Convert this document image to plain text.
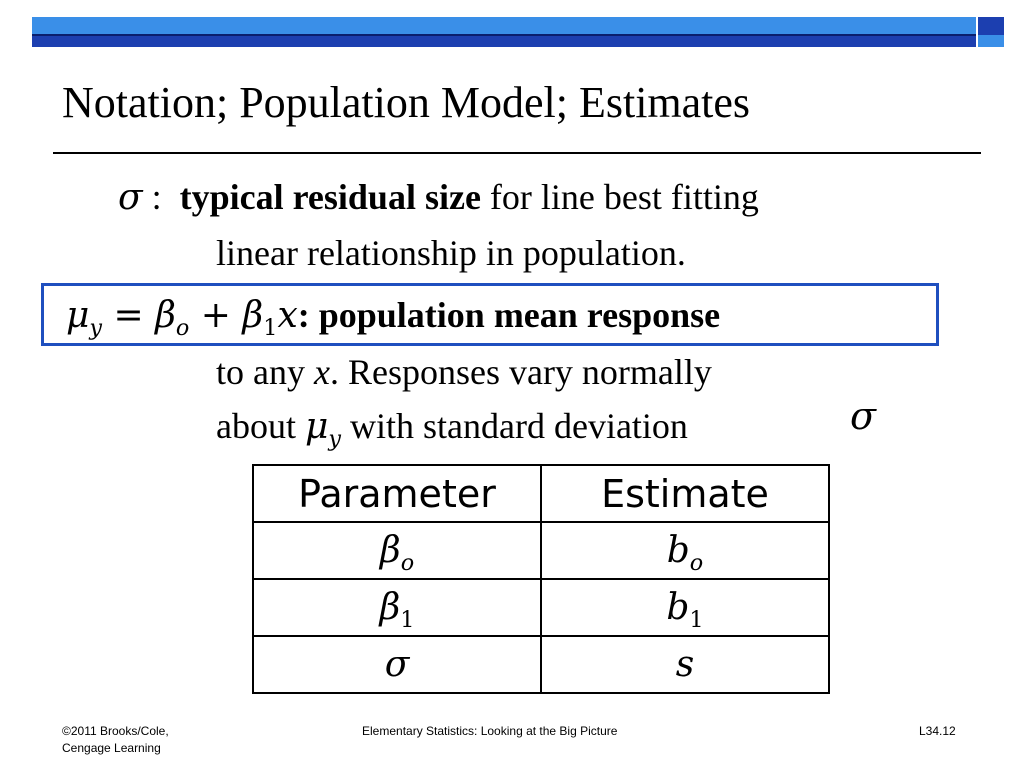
Notation; Population Model; Estimates
σ : typical residual size for line best fitting
linear relationship in population.
$\mu_y = \beta_o + \beta_1x$: population mean response
to any x. Responses vary normally
about $\mu_y$ with standard deviation	σ
Parameter	Estimate
$\beta_o$	$b_o$
$\beta_1$	$b_1$
σ	s
©2011 Brooks/Cole,
Cengage Learning
Elementary Statistics: Looking at the Big Picture	L34.12
